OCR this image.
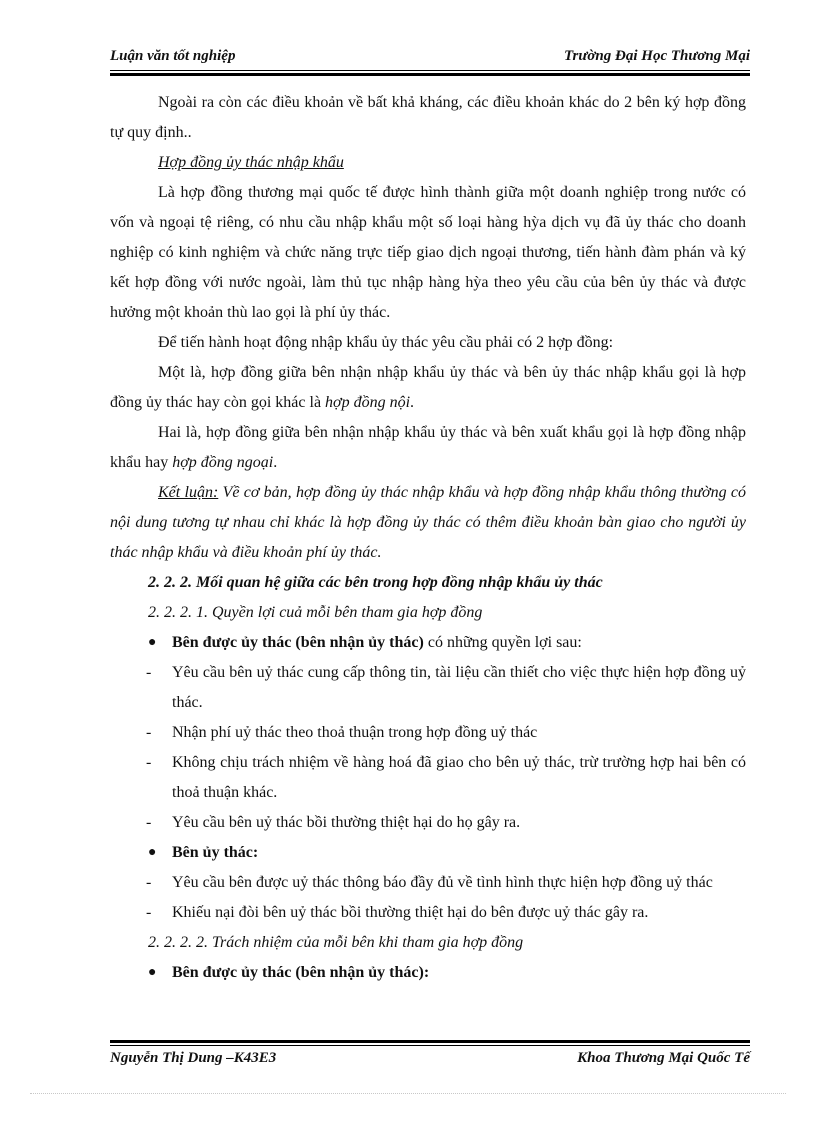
Luận văn tốt nghiệp	Trường Đại Học Thương Mại

Ngoài ra còn các điều khoản về bất khả kháng, các điều khoản khác do 2 bên ký hợp đồng tự quy định..

Hợp đồng ủy thác nhập khẩu

Là hợp đồng thương mại quốc tế được hình thành giữa một doanh nghiệp trong nước có vốn và ngoại tệ riêng, có nhu cầu nhập khẩu một số loại hàng hỳa dịch vụ đã ủy thác cho doanh nghiệp có kinh nghiệm và chức năng trực tiếp giao dịch ngoại thương, tiến hành đàm phán và ký kết hợp đồng với nước ngoài, làm thủ tục nhập hàng hỳa theo yêu cầu của bên ủy thác và được hưởng một khoản thù lao gọi là phí ủy thác.

Để tiến hành hoạt động nhập khẩu ủy thác yêu cầu phải có 2 hợp đồng:

Một là, hợp đồng giữa bên nhận nhập khẩu ủy thác và bên ủy thác nhập khẩu gọi là hợp đồng ủy thác hay còn gọi khác là hợp đồng nội.

Hai là, hợp đồng giữa bên nhận nhập khẩu ủy thác và bên xuất khẩu gọi là hợp đồng nhập khẩu hay hợp đồng ngoại.

Kết luận: Về cơ bản, hợp đồng ủy thác nhập khẩu và hợp đồng nhập khẩu thông thường có nội dung tương tự nhau chỉ khác là hợp đồng ủy thác có thêm điều khoản bàn giao cho người ủy thác nhập khẩu và điều khoản phí ủy thác.

2. 2. 2. Mối quan hệ giữa các bên trong hợp đồng nhập khẩu ủy thác

2. 2. 2. 1. Quyền lợi cuả mỗi bên tham gia hợp đồng

● Bên được ủy thác (bên nhận ủy thác) có những quyền lợi sau:

- Yêu cầu bên uỷ thác cung cấp thông tin, tài liệu cần thiết cho việc thực hiện hợp đồng uỷ thác.

- Nhận phí uỷ thác theo thoả thuận trong hợp đồng uỷ thác

- Không chịu trách nhiệm về hàng hoá đã giao cho bên uỷ thác, trừ trường hợp hai bên có thoả thuận khác.

- Yêu cầu bên uỷ thác bồi thường thiệt hại do họ gây ra.

● Bên ủy thác:

- Yêu cầu bên được uỷ thác thông báo đầy đủ về tình hình thực hiện hợp đồng uỷ thác

- Khiếu nại đòi bên uỷ thác bồi thường thiệt hại do bên được uỷ thác gây ra.

2. 2. 2. 2. Trách nhiệm của mỗi bên khi tham gia hợp đồng

● Bên được ủy thác (bên nhận ủy thác):

Nguyễn Thị Dung –K43E3	Khoa Thương Mại Quốc Tế
